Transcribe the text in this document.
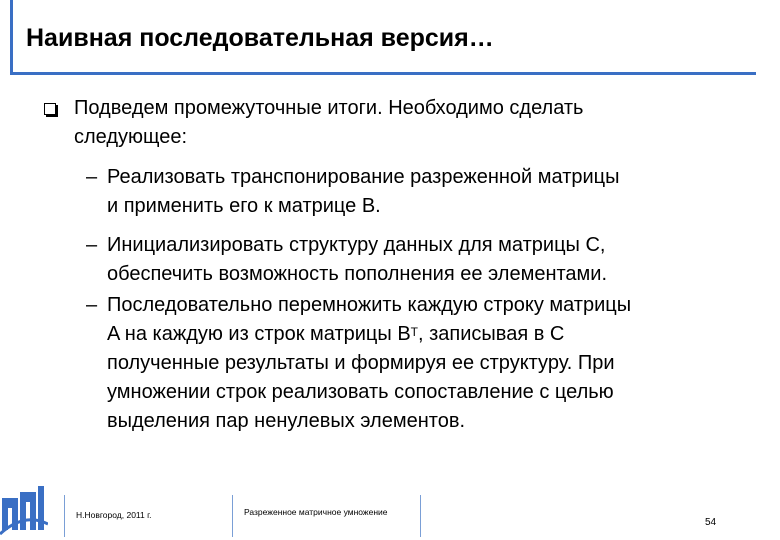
Наивная последовательная версия…
Подведем промежуточные итоги. Необходимо сделать
следующее:
– Реализовать транспонирование разреженной матрицы
и применить его к матрице B.
– Инициализировать структуру данных для матрицы C,
обеспечить возможность пополнения ее элементами.
– Последовательно перемножить каждую строку матрицы
A на каждую из строк матрицы $B^T$, записывая в C
полученные результаты и формируя ее структуру. При
умножении строк реализовать сопоставление с целью
выделения пар ненулевых элементов.
Н.Новгород, 2011 г.	Разреженное матричное умножение
54
